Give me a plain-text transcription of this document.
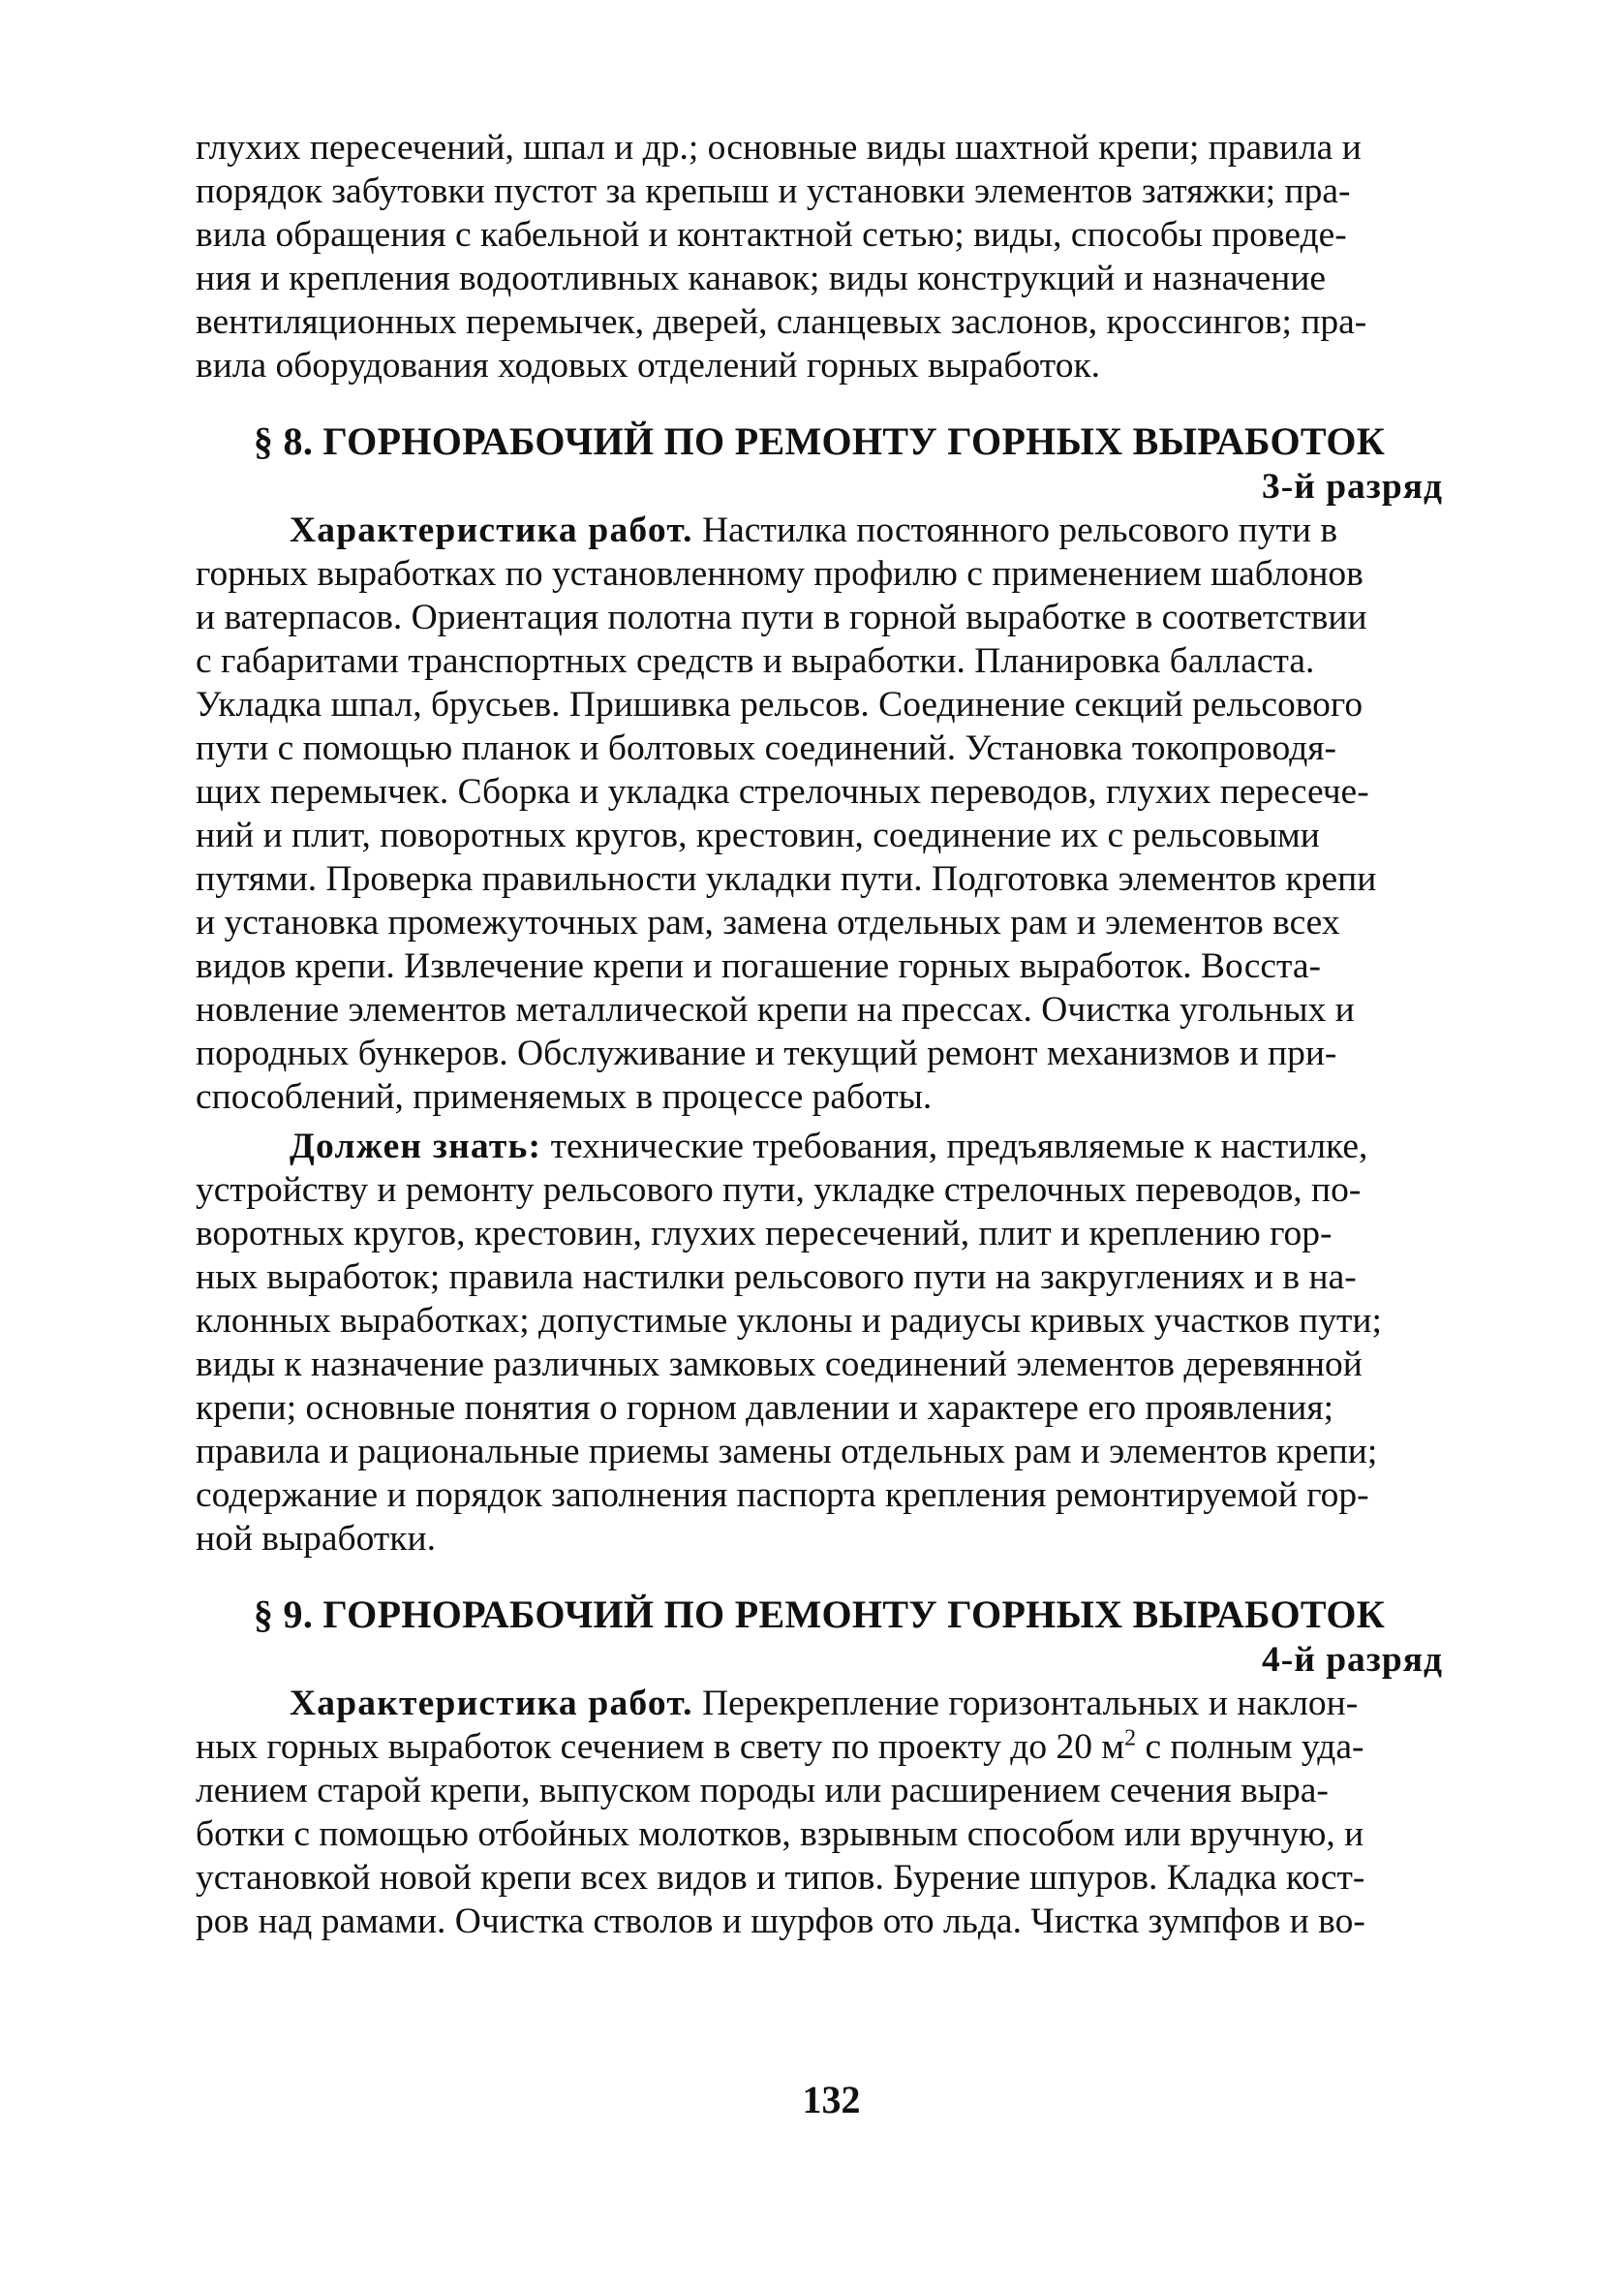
глухих пересечений, шпал и др.; основные виды шахтной крепи; правила и
порядок забутовки пустот за крепыш и установки элементов затяжки; пра-
вила обращения с кабельной и контактной сетью; виды, способы проведе-
ния и крепления водоотливных канавок; виды конструкций и назначение
вентиляционных перемычек, дверей, сланцевых заслонов, кроссингов; пра-
вила оборудования ходовых отделений горных выработок.
§ 8. ГОРНОРАБОЧИЙ ПО РЕМОНТУ ГОРНЫХ ВЫРАБОТОК
3-й разряд
Характеристика работ. Настилка постоянного рельсового пути в
горных выработках по установленному профилю с применением шаблонов
и ватерпасов. Ориентация полотна пути в горной выработке в соответствии
с габаритами транспортных средств и выработки. Планировка балласта.
Укладка шпал, брусьев. Пришивка рельсов. Соединение секций рельсового
пути с помощью планок и болтовых соединений. Установка токопроводя-
щих перемычек. Сборка и укладка стрелочных переводов, глухих пересече-
ний и плит, поворотных кругов, крестовин, соединение их с рельсовыми
путями. Проверка правильности укладки пути. Подготовка элементов крепи
и установка промежуточных рам, замена отдельных рам и элементов всех
видов крепи. Извлечение крепи и погашение горных выработок. Восста-
новление элементов металлической крепи на прессах. Очистка угольных и
породных бункеров. Обслуживание и текущий ремонт механизмов и при-
способлений, применяемых в процессе работы.
Должен знать: технические требования, предъявляемые к настилке,
устройству и ремонту рельсового пути, укладке стрелочных переводов, по-
воротных кругов, крестовин, глухих пересечений, плит и креплению гор-
ных выработок; правила настилки рельсового пути на закруглениях и в на-
клонных выработках; допустимые уклоны и радиусы кривых участков пути;
виды к назначение различных замковых соединений элементов деревянной
крепи; основные понятия о горном давлении и характере его проявления;
правила и рациональные приемы замены отдельных рам и элементов крепи;
содержание и порядок заполнения паспорта крепления ремонтируемой гор-
ной выработки.
§ 9. ГОРНОРАБОЧИЙ ПО РЕМОНТУ ГОРНЫХ ВЫРАБОТОК
4-й разряд
Характеристика работ. Перекрепление горизонтальных и наклон-
ных горных выработок сечением в свету по проекту до 20 $м^2$ с полным уда-
лением старой крепи, выпуском породы или расширением сечения выра-
ботки с помощью отбойных молотков, взрывным способом или вручную, и
установкой новой крепи всех видов и типов. Бурение шпуров. Кладка кост-
ров над рамами. Очистка стволов и шурфов ото льда. Чистка зумпфов и во-
132
